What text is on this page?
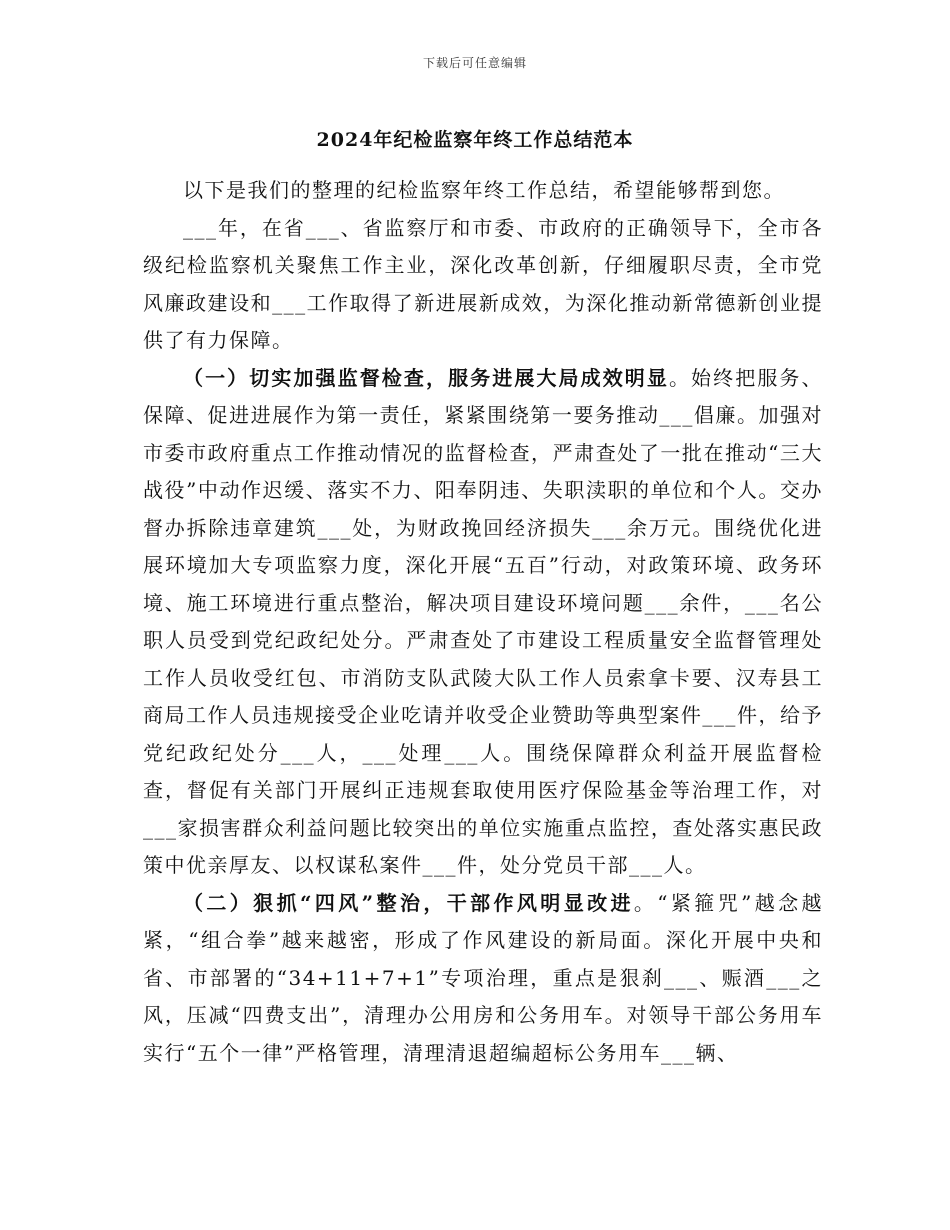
下载后可任意编辑
2024年纪检监察年终工作总结范本

以下是我们的整理的纪检监察年终工作总结，希望能够帮到您。

___年，在省___、省监察厅和市委、市政府的正确领导下，全市各级纪检监察机关聚焦工作主业，深化改革创新，仔细履职尽责，全市党风廉政建设和___工作取得了新进展新成效，为深化推动新常德新创业提供了有力保障。

（一）切实加强监督检查，服务进展大局成效明显。始终把服务、保障、促进进展作为第一责任，紧紧围绕第一要务推动___倡廉。加强对市委市政府重点工作推动情况的监督检查，严肃查处了一批在推动“三大战役”中动作迟缓、落实不力、阳奉阴违、失职渎职的单位和个人。交办督办拆除违章建筑___处，为财政挽回经济损失___余万元。围绕优化进展环境加大专项监察力度，深化开展“五百”行动，对政策环境、政务环境、施工环境进行重点整治，解决项目建设环境问题___余件，___名公职人员受到党纪政纪处分。严肃查处了市建设工程质量安全监督管理处工作人员收受红包、市消防支队武陵大队工作人员索拿卡要、汉寿县工商局工作人员违规接受企业吃请并收受企业赞助等典型案件___件，给予党纪政纪处分___人，___处理___人。围绕保障群众利益开展监督检查，督促有关部门开展纠正违规套取使用医疗保险基金等治理工作，对___家损害群众利益问题比较突出的单位实施重点监控，查处落实惠民政策中优亲厚友、以权谋私案件___件，处分党员干部___人。

（二）狠抓“四风”整治，干部作风明显改进。“紧箍咒”越念越紧，“组合拳”越来越密，形成了作风建设的新局面。深化开展中央和省、市部署的“34+11+7+1”专项治理，重点是狠刹___、赈酒___之风，压减“四费支出”，清理办公用房和公务用车。对领导干部公务用车实行“五个一律”严格管理，清理清退超编超标公务用车___辆、
